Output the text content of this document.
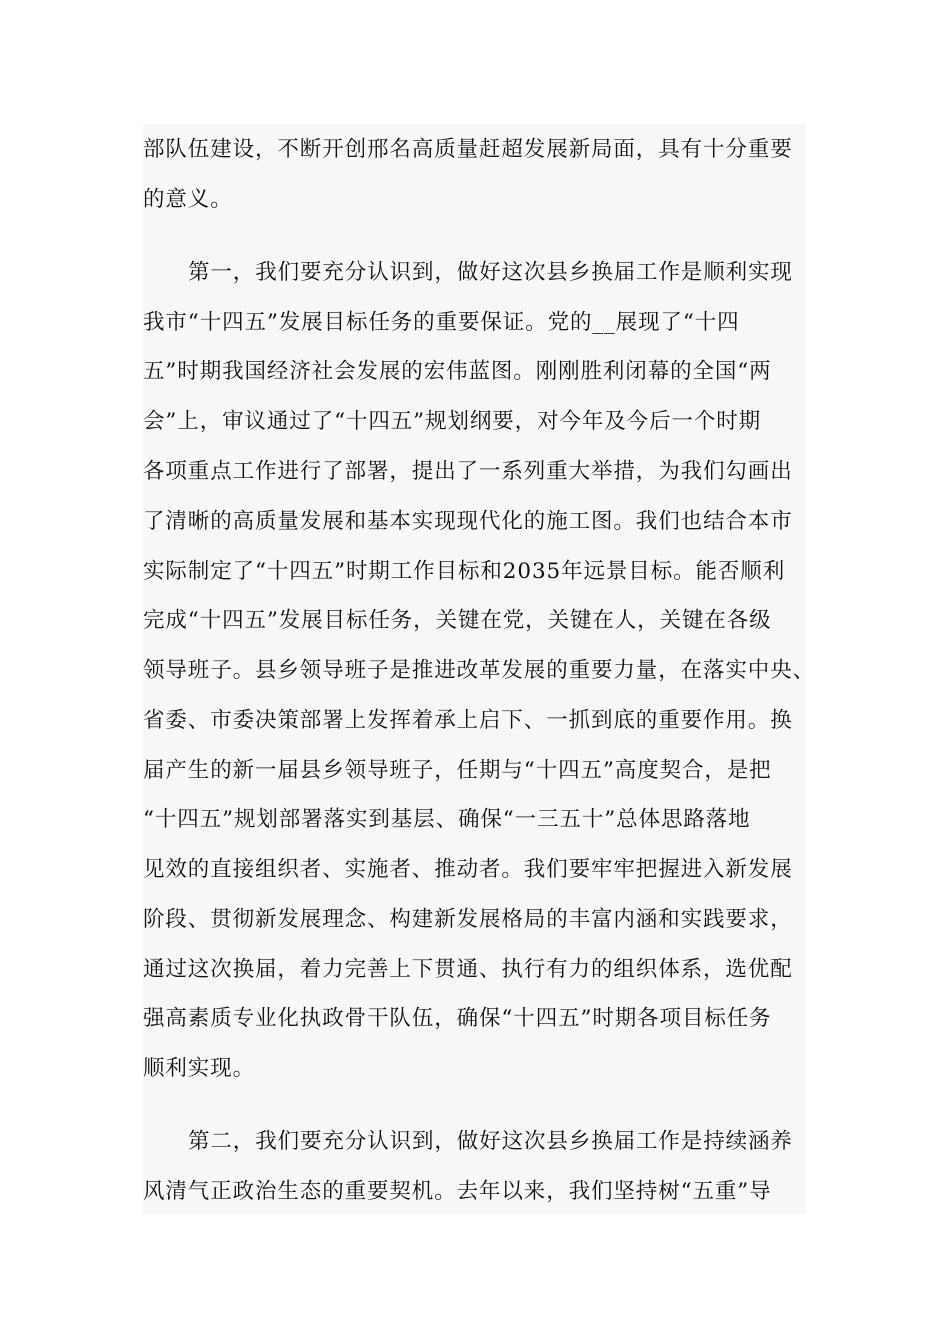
部队伍建设，不断开创邢名高质量赶超发展新局面，具有十分重要
的意义。
第一，我们要充分认识到，做好这次县乡换届工作是顺利实现
我市“十四五”发展目标任务的重要保证。党的__展现了“十四
五”时期我国经济社会发展的宏伟蓝图。刚刚胜利闭幕的全国“两
会”上，审议通过了“十四五”规划纲要，对今年及今后一个时期
各项重点工作进行了部署，提出了一系列重大举措，为我们勾画出
了清晰的高质量发展和基本实现现代化的施工图。我们也结合本市
实际制定了“十四五”时期工作目标和2035年远景目标。能否顺利
完成“十四五”发展目标任务，关键在党，关键在人，关键在各级
领导班子。县乡领导班子是推进改革发展的重要力量，在落实中央、
省委、市委决策部署上发挥着承上启下、一抓到底的重要作用。换
届产生的新一届县乡领导班子，任期与“十四五”高度契合，是把
“十四五”规划部署落实到基层、确保“一三五十”总体思路落地
见效的直接组织者、实施者、推动者。我们要牢牢把握进入新发展
阶段、贯彻新发展理念、构建新发展格局的丰富内涵和实践要求，
通过这次换届，着力完善上下贯通、执行有力的组织体系，选优配
强高素质专业化执政骨干队伍，确保“十四五”时期各项目标任务
顺利实现。
第二，我们要充分认识到，做好这次县乡换届工作是持续涵养
风清气正政治生态的重要契机。去年以来，我们坚持树“五重”导
